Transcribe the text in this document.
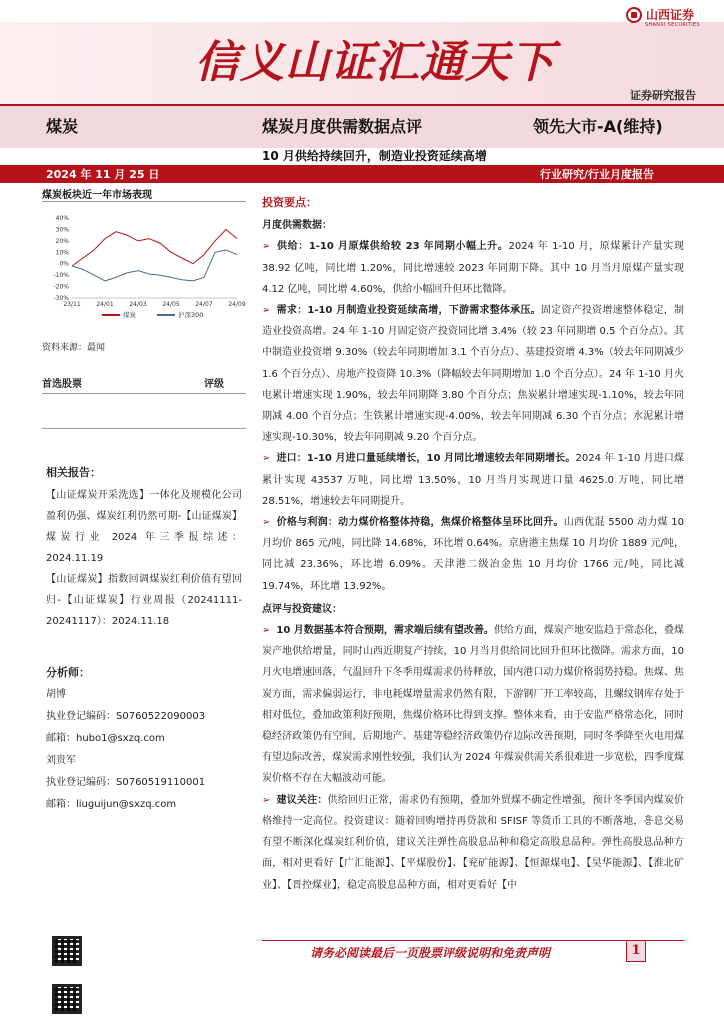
信义山证汇通天下
山西证券
SHANXI SECURITIES
证券研究报告
煤炭	煤炭月度供需数据点评	领先大市-A(维持)
10 月供给持续回升，制造业投资延续高增
2024 年 11 月 25 日	行业研究/行业月度报告
煤炭板块近一年市场表现
40%
30%
20%
10%
0%
-10%
-20%
-30%
23/11	24/01	24/03	24/05	24/07	24/09
煤炭	沪深300
资料来源：最闻
首选股票	评级
相关报告：

【山证煤炭开采洗选】一体化及规模化公司盈利仍强、煤炭红利仍然可期-【山证煤炭】煤炭行业 2024 年三季报综述：2024.11.19

【山证煤炭】指数回调煤炭红利价值有望回归-【山证煤炭】行业周报（20241111-20241117）：2024.11.18

分析师：
胡博
执业登记编码：S0760522090003
邮箱：hubo1@sxzq.com
刘贵军
执业登记编码：S0760519110001
邮箱：liuguijun@sxzq.com
投资要点：
月度供需数据：

➢ 供给：1-10 月原煤供给较 23 年同期小幅上升。2024 年 1-10 月，原煤累计产量实现 38.92 亿吨，同比增 1.20%，同比增速较 2023 年同期下降。其中 10 月当月原煤产量实现 4.12 亿吨，同比增 4.60%，供给小幅回升但环比微降。

➢ 需求：1-10 月制造业投资延续高增，下游需求整体承压。固定资产投资增速整体稳定，制造业投资高增。24 年 1-10 月固定资产投资同比增 3.4%（较 23 年同期增 0.5 个百分点）。其中制造业投资增 9.30%（较去年同期增加 3.1 个百分点）、基建投资增 4.3%（较去年同期减少 1.6 个百分点）、房地产投资降 10.3%（降幅较去年同期增加 1.0 个百分点）。24 年 1-10 月火电累计增速实现 1.90%，较去年同期降 3.80 个百分点；焦炭累计增速实现-1.10%，较去年同期减 4.00 个百分点；生铁累计增速实现-4.00%，较去年同期减 6.30 个百分点；水泥累计增速实现-10.30%，较去年同期减 9.20 个百分点。

➢ 进口：1-10 月进口量延续增长，10 月同比增速较去年同期增长。2024 年 1-10 月进口煤累计实现 43537 万吨，同比增 13.50%，10 月当月实现进口量 4625.0 万吨，同比增 28.51%，增速较去年同期提升。

➢ 价格与利润：动力煤价格整体持稳，焦煤价格整体呈环比回升。山西优混 5500 动力煤 10 月均价 865 元/吨，同比降 14.68%，环比增 0.64%。京唐港主焦煤 10 月均价 1889 元/吨，同比减 23.36%，环比增 6.09%。天津港二级冶金焦 10 月均价 1766 元/吨，同比减 19.74%，环比增 13.92%。

点评与投资建议：

➢ 10 月数据基本符合预期，需求端后续有望改善。供给方面，煤炭产地安监趋于常态化，叠煤炭产地供给增量，同时山西近期复产持续，10 月当月供给同比回升但环比微降。需求方面，10 月火电增速回落，气温回升下冬季用煤需求仍待释放，国内港口动力煤价格弱势持稳。焦煤、焦炭方面，需求偏弱运行，非电耗煤增量需求仍然有限，下游钢厂开工率较高，且螺纹钢库存处于相对低位，叠加政策利好预期，焦煤价格环比得到支撑。整体来看，由于安监严格常态化，同时稳经济政策仍有空间，后期地产、基建等稳经济政策仍存边际改善预期，同时冬季降至火电用煤有望边际改善，煤炭需求刚性较强，我们认为 2024 年煤炭供需关系很难进一步宽松，四季度煤炭价格不存在大幅波动可能。

➢ 建议关注：供给回归正常，需求仍有预期，叠加外贸煤不确定性增强，预计冬季国内煤炭价格维持一定高位。投资建议：随着回购增持再贷款和 SFISF 等货币工具的不断落地，흥息交易有望不断深化煤炭红利价值，建议关注弹性高股息品种和稳定高股息品种。弹性高股息品种方面，相对更看好【广汇能源】、【平煤股份】、【兖矿能源】、【恒源煤电】、【昊华能源】、【淮北矿业】、【晋控煤业】，稳定高股息品种方面，相对更看好【中

请务必阅读最后一页股票评级说明和免责声明	1
